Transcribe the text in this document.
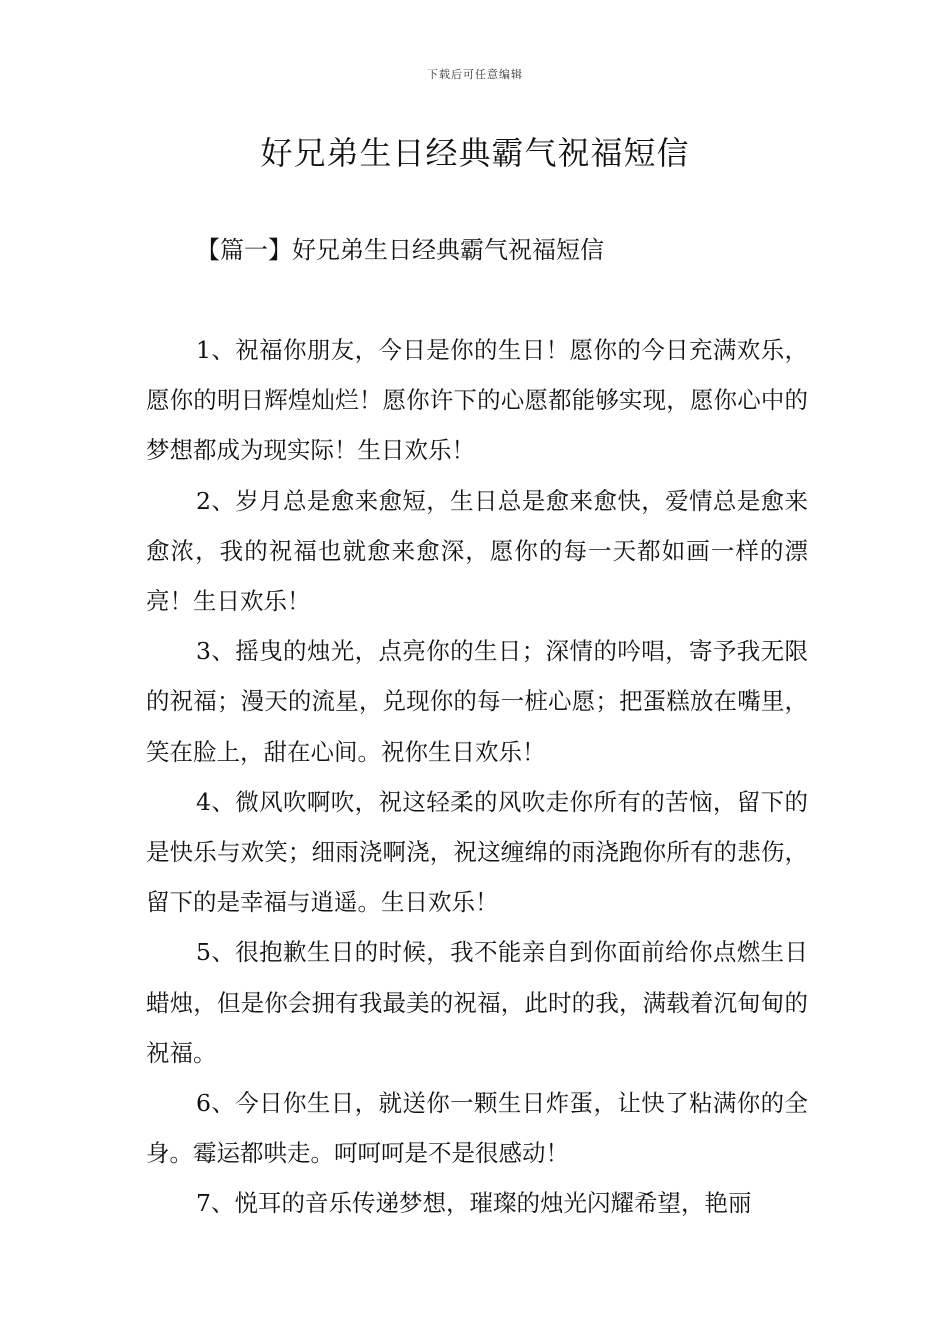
下载后可任意编辑
好兄弟生日经典霸气祝福短信
【篇一】好兄弟生日经典霸气祝福短信

1、祝福你朋友，今日是你的生日！愿你的今日充满欢乐，愿你的明日辉煌灿烂！愿你许下的心愿都能够实现，愿你心中的梦想都成为现实际！生日欢乐！

2、岁月总是愈来愈短，生日总是愈来愈快，爱情总是愈来愈浓，我的祝福也就愈来愈深，愿你的每一天都如画一样的漂亮！生日欢乐！

3、摇曳的烛光，点亮你的生日；深情的吟唱，寄予我无限的祝福；漫天的流星，兑现你的每一桩心愿；把蛋糕放在嘴里，笑在脸上，甜在心间。祝你生日欢乐！

4、微风吹啊吹，祝这轻柔的风吹走你所有的苦恼，留下的是快乐与欢笑；细雨浇啊浇，祝这缠绵的雨浇跑你所有的悲伤，留下的是幸福与逍遥。生日欢乐！

5、很抱歉生日的时候，我不能亲自到你面前给你点燃生日蜡烛，但是你会拥有我最美的祝福，此时的我，满载着沉甸甸的祝福。

6、今日你生日，就送你一颗生日炸蛋，让快了粘满你的全身。霉运都哄走。呵呵呵是不是很感动！

7、悦耳的音乐传递梦想，璀璨的烛光闪耀希望，艳丽
